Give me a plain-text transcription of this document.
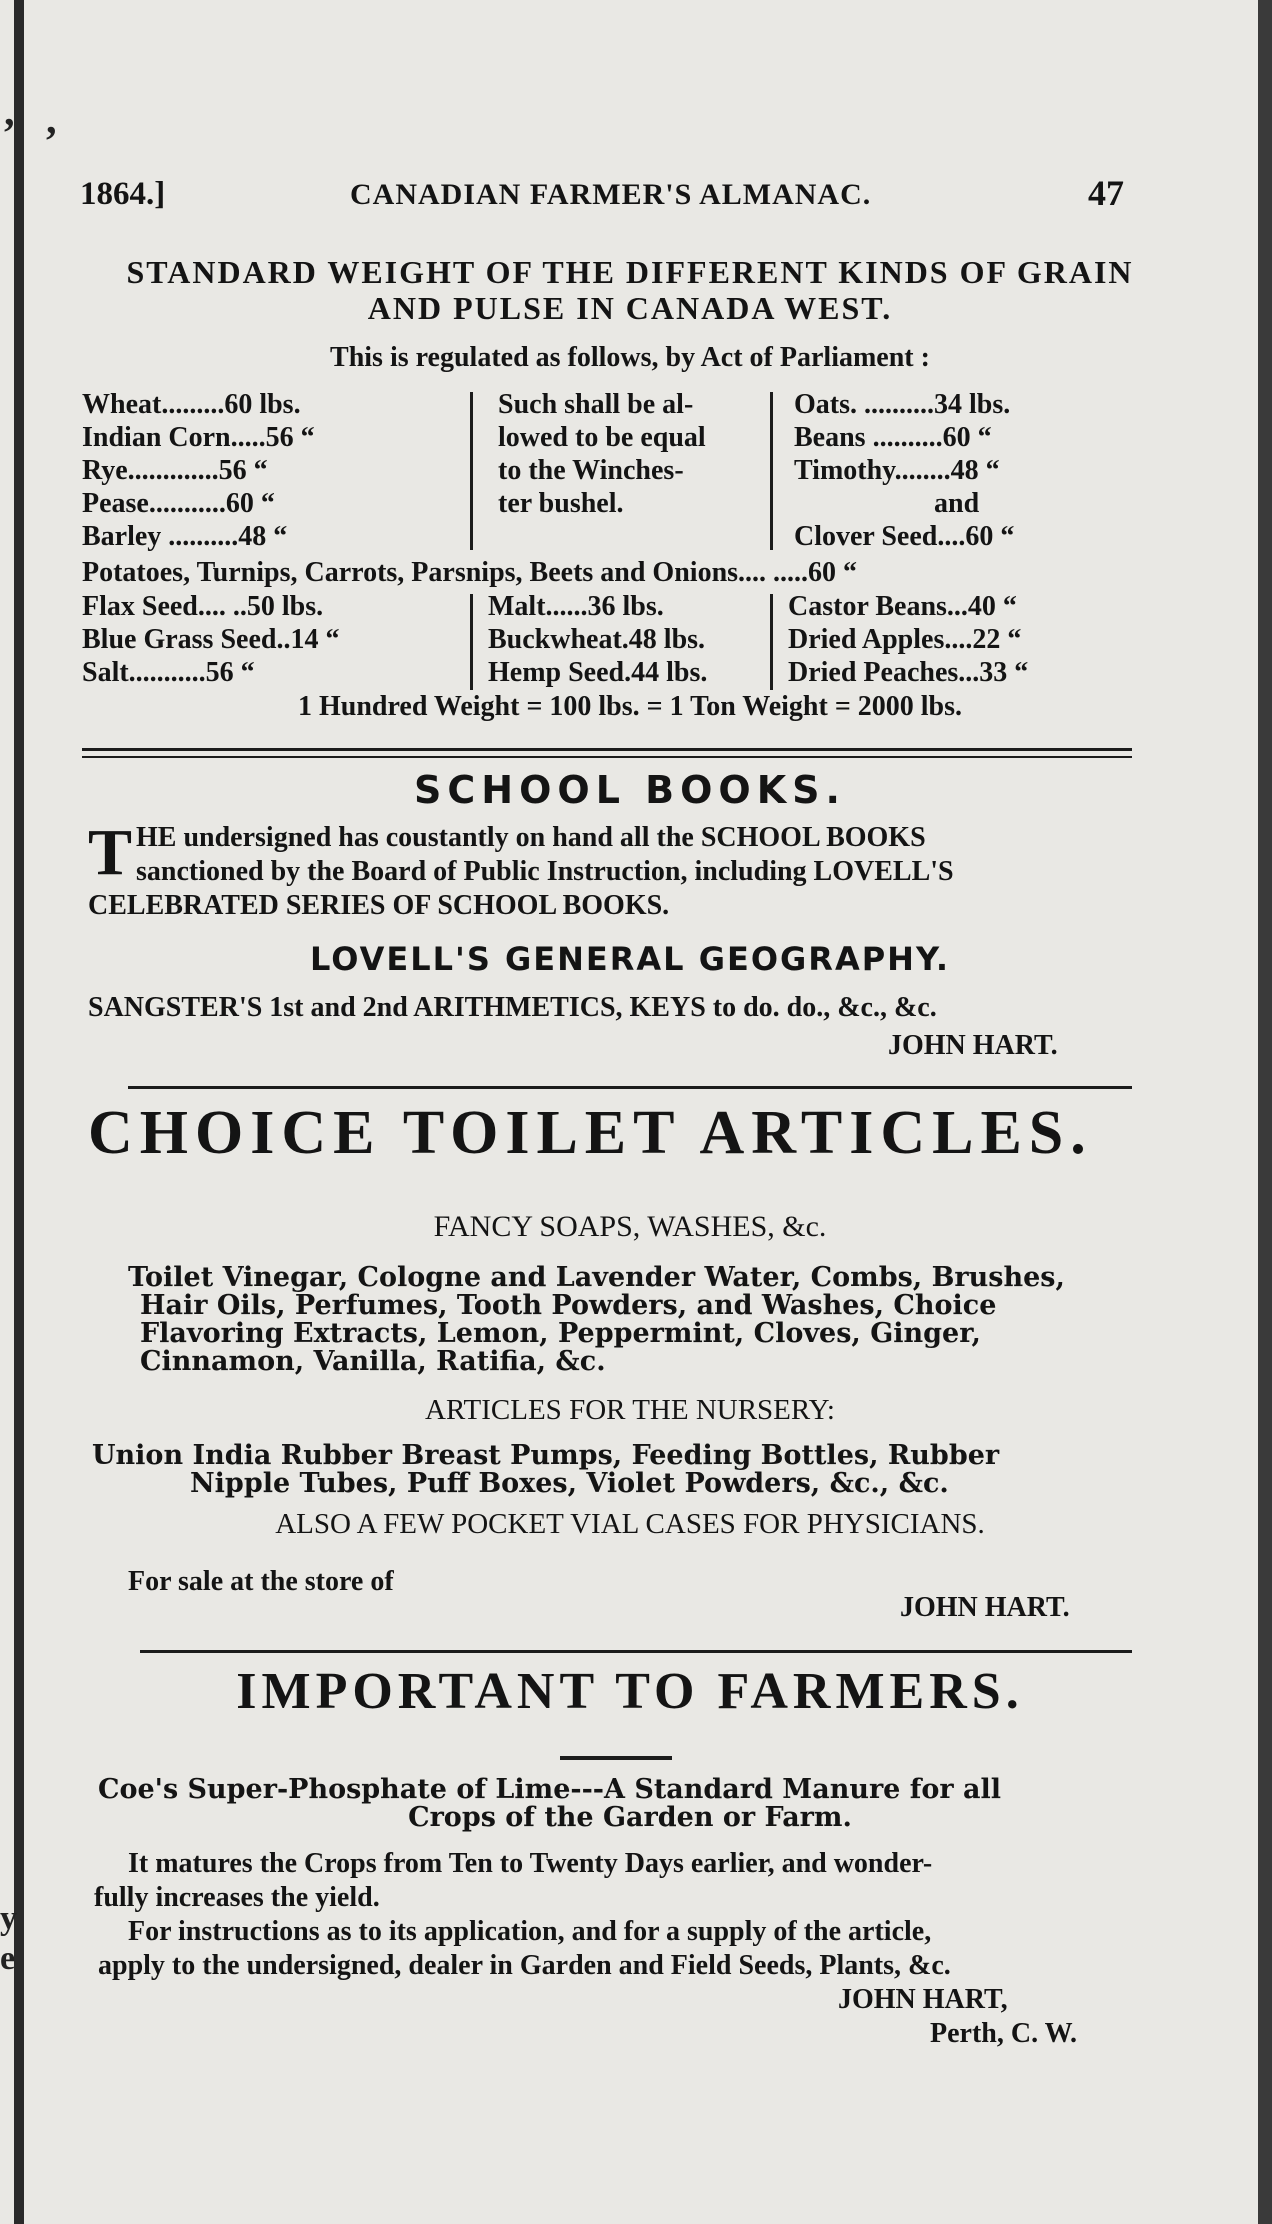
’ ’
y
e
1864.]	CANADIAN FARMER'S ALMANAC.	47
STANDARD WEIGHT OF THE DIFFERENT KINDS OF GRAIN
AND PULSE IN CANADA WEST.
This is regulated as follows, by Act of Parliament :
Wheat.........60 lbs.
Indian Corn.....56 “
Rye.............56 “
Pease...........60 “
Barley ..........48 “
Such shall be al-
lowed to be equal
to the Winches-
ter bushel.
Oats. ..........34 lbs.
Beans ..........60 “
Timothy........48 “
and
Clover Seed....60 “
Potatoes, Turnips, Carrots, Parsnips, Beets and Onions.... .....60 “
Flax Seed.... ..50 lbs.
Blue Grass Seed..14 “
Salt...........56 “
Malt......36 lbs.
Buckwheat.48 lbs.
Hemp Seed.44 lbs.
Castor Beans...40 “
Dried Apples....22 “
Dried Peaches...33 “
1 Hundred Weight = 100 lbs. = 1 Ton Weight = 2000 lbs.
SCHOOL BOOKS.
T HE undersigned has coustantly on hand all the SCHOOL BOOKS
sanctioned by the Board of Public Instruction, including LOVELL'S
CELEBRATED SERIES OF SCHOOL BOOKS.
LOVELL'S GENERAL GEOGRAPHY.
SANGSTER'S 1st and 2nd ARITHMETICS, KEYS to do. do., &c., &c.
JOHN HART.
CHOICE TOILET ARTICLES.
FANCY SOAPS, WASHES, &c.
Toilet Vinegar, Cologne and Lavender Water, Combs, Brushes,
Hair Oils, Perfumes, Tooth Powders, and Washes, Choice
Flavoring Extracts, Lemon, Peppermint, Cloves, Ginger,
Cinnamon, Vanilla, Ratifia, &c.
ARTICLES FOR THE NURSERY:
Union India Rubber Breast Pumps, Feeding Bottles, Rubber
Nipple Tubes, Puff Boxes, Violet Powders, &c., &c.
ALSO A FEW POCKET VIAL CASES FOR PHYSICIANS.
For sale at the store of
JOHN HART.
IMPORTANT TO FARMERS.
Coe's Super-Phosphate of Lime---A Standard Manure for all
Crops of the Garden or Farm.
It matures the Crops from Ten to Twenty Days earlier, and wonder-
fully increases the yield.
For instructions as to its application, and for a supply of the article,
apply to the undersigned, dealer in Garden and Field Seeds, Plants, &c.
JOHN HART,
Perth, C. W.
